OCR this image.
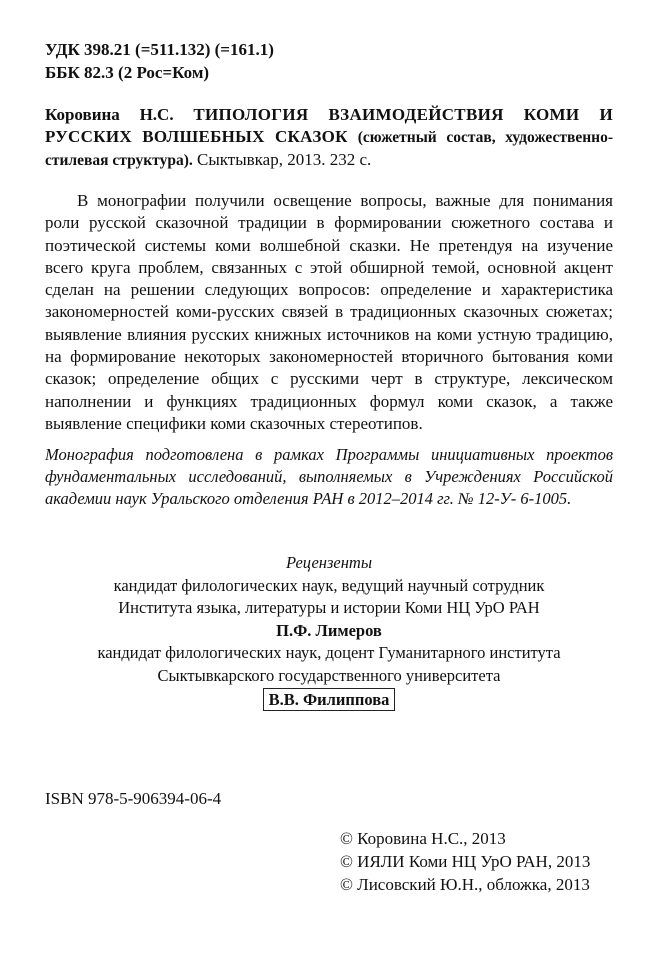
УДК 398.21 (=511.132) (=161.1)
ББК 82.3 (2 Рос=Ком)
Коровина Н.С. ТИПОЛОГИЯ ВЗАИМОДЕЙСТВИЯ КОМИ И РУССКИХ ВОЛШЕБНЫХ СКАЗОК (сюжетный состав, художественно-стилевая структура). Сыктывкар, 2013. 232 с.
В монографии получили освещение вопросы, важные для понимания роли русской сказочной традиции в формировании сюжетного состава и поэтической системы коми волшебной сказки. Не претендуя на изучение всего круга проблем, связанных с этой обширной темой, основной акцент сделан на решении следующих вопросов: определение и характеристика закономерностей коми-русских связей в традиционных сказочных сюжетах; выявление влияния русских книжных источников на коми устную традицию, на формирование некоторых закономерностей вторичного бытования коми сказок; определение общих с русскими черт в структуре, лексическом наполнении и функциях традиционных формул коми сказок, а также выявление специфики коми сказочных стереотипов.
Монография подготовлена в рамках Программы инициативных проектов фундаментальных исследований, выполняемых в Учреждениях Российской академии наук Уральского отделения РАН в 2012–2014 гг. № 12-У- 6-1005.
Рецензенты
кандидат филологических наук, ведущий научный сотрудник
Института языка, литературы и истории Коми НЦ УрО РАН
П.Ф. Лимеров
кандидат филологических наук, доцент Гуманитарного института
Сыктывкарского государственного университета
В.В. Филиппова
ISBN 978-5-906394-06-4
© Коровина Н.С., 2013
© ИЯЛИ Коми НЦ УрО РАН, 2013
© Лисовский Ю.Н., обложка, 2013
